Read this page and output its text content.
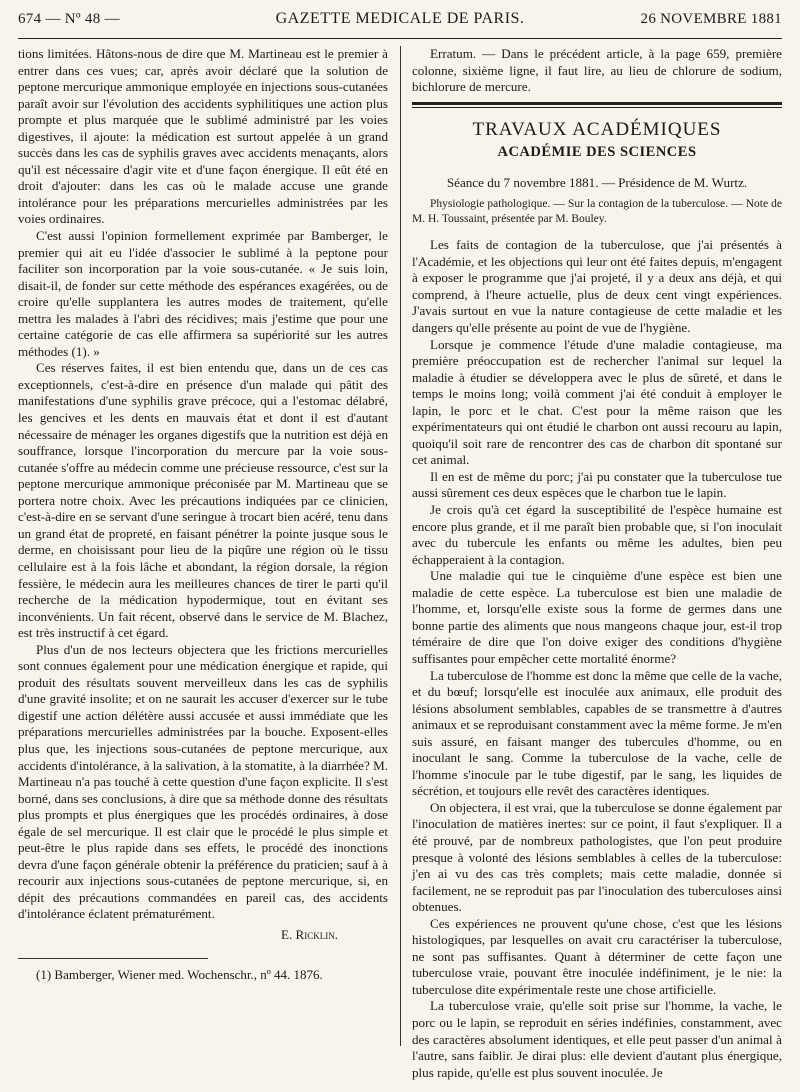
674 — Nº 48 —	GAZETTE MEDICALE DE PARIS.	26 NOVEMBRE 1881

tions limitées. Hâtons-nous de dire que M. Martineau est le premier à entrer dans ces vues; car, après avoir déclaré que la solution de peptone mercurique ammonique employée en injections sous-cutanées paraît avoir sur l'évolution des accidents syphilitiques une action plus prompte et plus marquée que le sublimé administré par les voies digestives, il ajoute: la médication est surtout appelée à un grand succès dans les cas de syphilis graves avec accidents menaçants, alors qu'il est nécessaire d'agir vite et d'une façon énergique. Il eût été en droit d'ajouter: dans les cas où le malade accuse une grande intolérance pour les préparations mercurielles administrées par les voies ordinaires.

C'est aussi l'opinion formellement exprimée par Bamberger, le premier qui ait eu l'idée d'associer le sublimé à la peptone pour faciliter son incorporation par la voie sous-cutanée. « Je suis loin, disait-il, de fonder sur cette méthode des espérances exagérées, ou de croire qu'elle supplantera les autres modes de traitement, qu'elle mettra les malades à l'abri des récidives; mais j'estime que pour une certaine catégorie de cas elle affirmera sa supériorité sur les autres méthodes (1). »

Ces réserves faites, il est bien entendu que, dans un de ces cas exceptionnels, c'est-à-dire en présence d'un malade qui pâtit des manifestations d'une syphilis grave précoce, qui a l'estomac délabré, les gencives et les dents en mauvais état et dont il est d'autant nécessaire de ménager les organes digestifs que la nutrition est déjà en souffrance, lorsque l'incorporation du mercure par la voie sous-cutanée s'offre au médecin comme une précieuse ressource, c'est sur la peptone mercurique ammonique préconisée par M. Martineau que se portera notre choix. Avec les précautions indiquées par ce clinicien, c'est-à-dire en se servant d'une seringue à trocart bien acéré, tenu dans un grand état de propreté, en faisant pénétrer la pointe jusque sous le derme, en choisissant pour lieu de la piqûre une région où le tissu cellulaire est à la fois lâche et abondant, la région dorsale, la région fessière, le médecin aura les meilleures chances de tirer le parti qu'il recherche de la médication hypodermique, tout en évitant ses inconvénients. Un fait récent, observé dans le service de M. Blachez, est très instructif à cet égard.

Plus d'un de nos lecteurs objectera que les frictions mercurielles sont connues également pour une médication énergique et rapide, qui produit des résultats souvent merveilleux dans les cas de syphilis d'une gravité insolite; et on ne saurait les accuser d'exercer sur le tube digestif une action délétère aussi accusée et aussi immédiate que les préparations mercurielles administrées par la bouche. Exposent-elles plus que, les injections sous-cutanées de peptone mercurique, aux accidents d'intolérance, à la salivation, à la stomatite, à la diarrhée? M. Martineau n'a pas touché à cette question d'une façon explicite. Il s'est borné, dans ses conclusions, à dire que sa méthode donne des résultats plus prompts et plus énergiques que les procédés ordinaires, à dose égale de sel mercurique. Il est clair que le procédé le plus simple et peut-être le plus rapide dans ses effets, le procédé des inonctions devra d'une façon générale obtenir la préférence du praticien; sauf à à recourir aux injections sous-cutanées de peptone mercurique, si, en dépit des précautions commandées en pareil cas, des accidents d'intolérance éclatent prématurément.

E. Ricklin.

(1) Bamberger, Wiener med. Wochenschr., nº 44. 1876.

Erratum. — Dans le précédent article, à la page 659, première colonne, sixième ligne, il faut lire, au lieu de chlorure de sodium, bichlorure de mercure.

TRAVAUX ACADÉMIQUES

ACADÉMIE DES SCIENCES

Séance du 7 novembre 1881. — Présidence de M. Wurtz.

Physiologie pathologique. — Sur la contagion de la tuberculose. — Note de M. H. Toussaint, présentée par M. Bouley.

Les faits de contagion de la tuberculose, que j'ai présentés à l'Académie, et les objections qui leur ont été faites depuis, m'engagent à exposer le programme que j'ai projeté, il y a deux ans déjà, et qui comprend, à l'heure actuelle, plus de deux cent vingt expériences. J'avais surtout en vue la nature contagieuse de cette maladie et les dangers qu'elle présente au point de vue de l'hygiène.

Lorsque je commence l'étude d'une maladie contagieuse, ma première préoccupation est de rechercher l'animal sur lequel la maladie à étudier se développera avec le plus de sûreté, et dans le temps le moins long; voilà comment j'ai été conduit à employer le lapin, le porc et le chat. C'est pour la même raison que les expérimentateurs qui ont étudié le charbon ont aussi recouru au lapin, quoiqu'il soit rare de rencontrer des cas de charbon dit spontané sur cet animal.

Il en est de même du porc; j'ai pu constater que la tuberculose tue aussi sûrement ces deux espèces que le charbon tue le lapin.

Je crois qu'à cet égard la susceptibilité de l'espèce humaine est encore plus grande, et il me paraît bien probable que, si l'on inoculait avec du tubercule les enfants ou même les adultes, bien peu échapperaient à la contagion.

Une maladie qui tue le cinquième d'une espèce est bien une maladie de cette espèce. La tuberculose est bien une maladie de l'homme, et, lorsqu'elle existe sous la forme de germes dans une bonne partie des aliments que nous mangeons chaque jour, est-il trop téméraire de dire que l'on doive exiger des conditions d'hygiène suffisantes pour empêcher cette mortalité énorme?

La tuberculose de l'homme est donc la même que celle de la vache, et du bœuf; lorsqu'elle est inoculée aux animaux, elle produit des lésions absolument semblables, capables de se transmettre à d'autres animaux et se reproduisant constamment avec la même forme. Je m'en suis assuré, en faisant manger des tubercules d'homme, ou en inoculant le sang. Comme la tuberculose de la vache, celle de l'homme s'inocule par le tube digestif, par le sang, les liquides de sécrétion, et toujours elle revêt des caractères identiques.

On objectera, il est vrai, que la tuberculose se donne également par l'inoculation de matières inertes: sur ce point, il faut s'expliquer. Il a été prouvé, par de nombreux pathologistes, que l'on peut produire presque à volonté des lésions semblables à celles de la tuberculose: j'en ai vu des cas très complets; mais cette maladie, donnée si facilement, ne se reproduit pas par l'inoculation des tuberculoses ainsi obtenues.

Ces expériences ne prouvent qu'une chose, c'est que les lésions histologiques, par lesquelles on avait cru caractériser la tuberculose, ne sont pas suffisantes. Quant à déterminer de cette façon une tuberculose vraie, pouvant être inoculée indéfiniment, je le nie: la tuberculose dite expérimentale reste une chose artificielle.

La tuberculose vraie, qu'elle soit prise sur l'homme, la vache, le porc ou le lapin, se reproduit en séries indéfinies, constamment, avec des caractères absolument identiques, et elle peut passer d'un animal à l'autre, sans faiblir. Je dirai plus: elle devient d'autant plus énergique, plus rapide, qu'elle est plus souvent inoculée. Je
